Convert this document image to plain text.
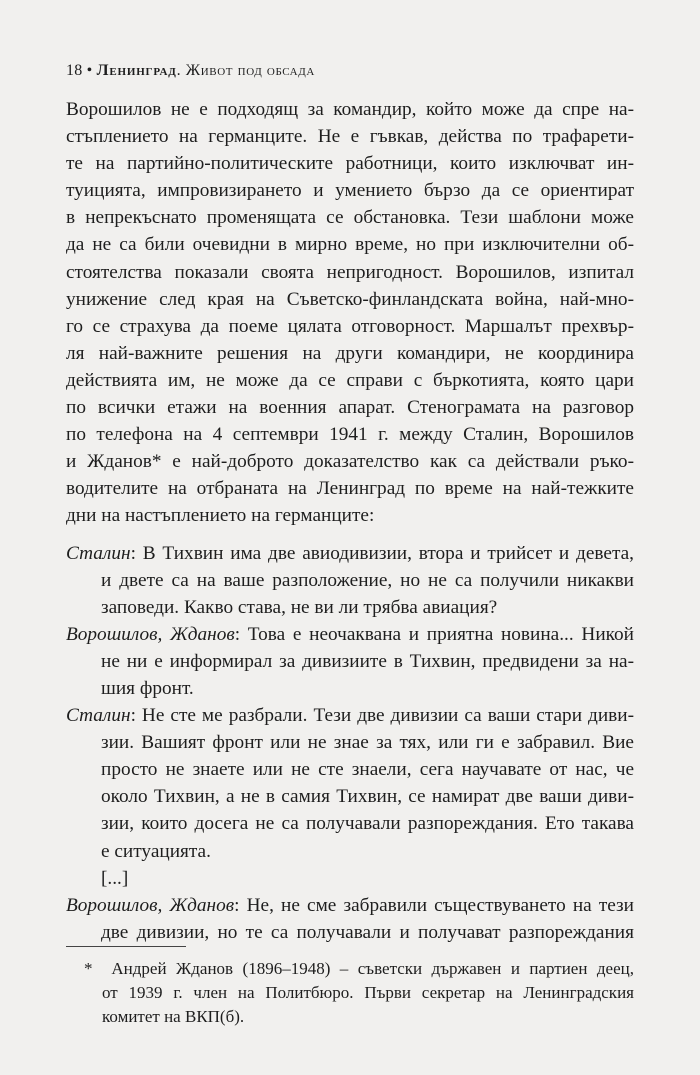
18 • Ленинград. Живот под обсада

Ворошилов не е подходящ за командир, който може да спре на-
стъплението на германците. Не е гъвкав, действа по трафарети-
те на партийно-политическите работници, които изключват ин-
туицията, импровизирането и умението бързо да се ориентират
в непрекъснато променящата се обстановка. Тези шаблони може
да не са били очевидни в мирно време, но при изключителни об-
стоятелства показали своята непригодност. Ворошилов, изпитал
унижение след края на Съветско-финландската война, най-мно-
го се страхува да поеме цялата отговорност. Маршалът прехвър-
ля най-важните решения на други командири, не координира
действията им, не може да се справи с бъркотията, която цари
по всички етажи на военния апарат. Стенограмата на разговор
по телефона на 4 септември 1941 г. между Сталин, Ворошилов
и Жданов* е най-доброто доказателство как са действали ръко-
водителите на отбраната на Ленинград по време на най-тежките
дни на настъплението на германците:

Сталин: В Тихвин има две авиодивизии, втора и трийсет и девета,
и двете са на ваше разположение, но не са получили никакви
заповеди. Какво става, не ви ли трябва авиация?
Ворошилов, Жданов: Това е неочаквана и приятна новина... Никой
не ни е информирал за дивизиите в Тихвин, предвидени за на-
шия фронт.
Сталин: Не сте ме разбрали. Тези две дивизии са ваши стари диви-
зии. Вашият фронт или не знае за тях, или ги е забравил. Вие
просто не знаете или не сте знаели, сега научавате от нас, че
около Тихвин, а не в самия Тихвин, се намират две ваши диви-
зии, които досега не са получавали разпореждания. Ето такава
е ситуацията.
[...]
Ворошилов, Жданов: Не, не сме забравили съществуването на тези
две дивизии, но те са получавали и получават разпореждания
* Андрей Жданов (1896–1948) – съветски държавен и партиен деец,
от 1939 г. член на Политбюро. Първи секретар на Ленинградския
комитет на ВКП(б).
